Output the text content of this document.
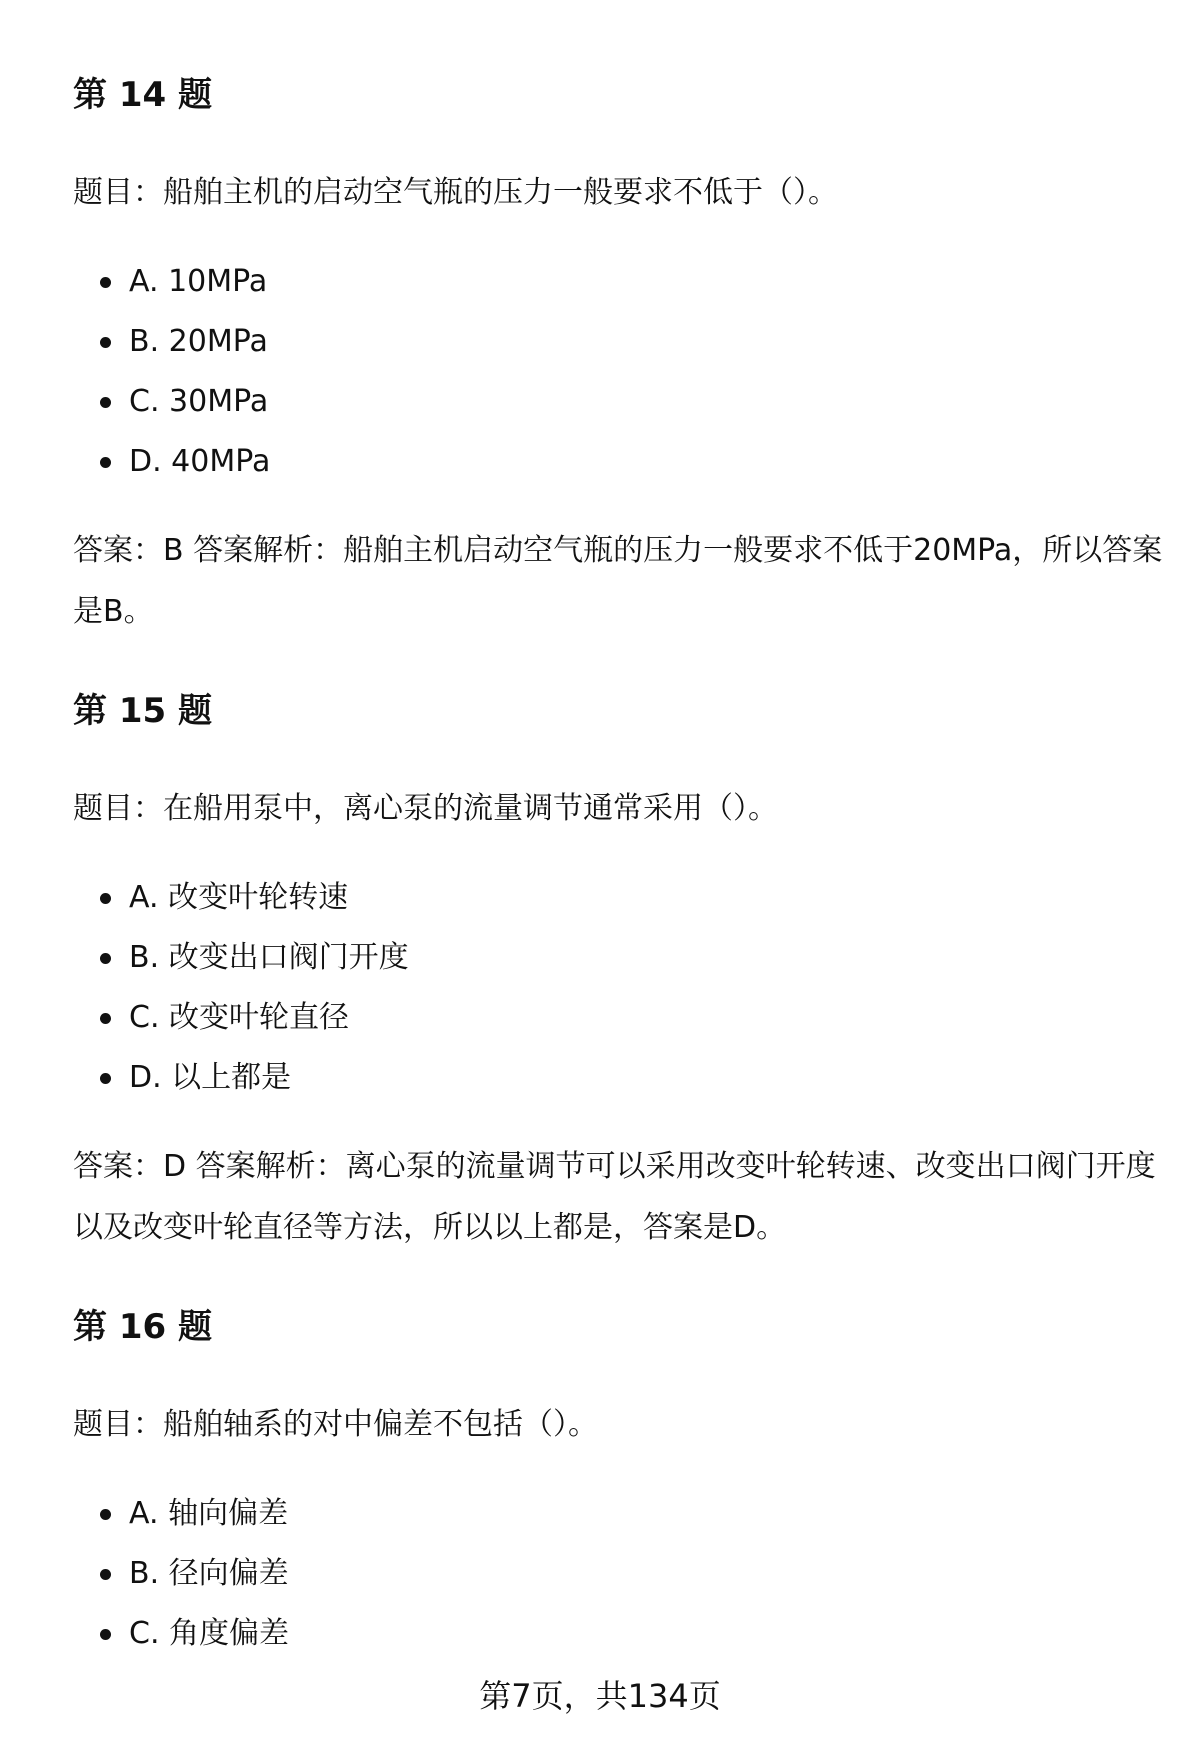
第 14 题

题目：船舶主机的启动空气瓶的压力一般要求不低于（）。

A. 10MPa
B. 20MPa
C. 30MPa
D. 40MPa

答案：B 答案解析：船舶主机启动空气瓶的压力一般要求不低于20MPa，所以答案是B。

第 15 题

题目：在船用泵中，离心泵的流量调节通常采用（）。

A. 改变叶轮转速
B. 改变出口阀门开度
C. 改变叶轮直径
D. 以上都是

答案：D 答案解析：离心泵的流量调节可以采用改变叶轮转速、改变出口阀门开度以及改变叶轮直径等方法，所以以上都是，答案是D。

第 16 题

题目：船舶轴系的对中偏差不包括（）。

A. 轴向偏差
B. 径向偏差
C. 角度偏差
第7页，共134页
